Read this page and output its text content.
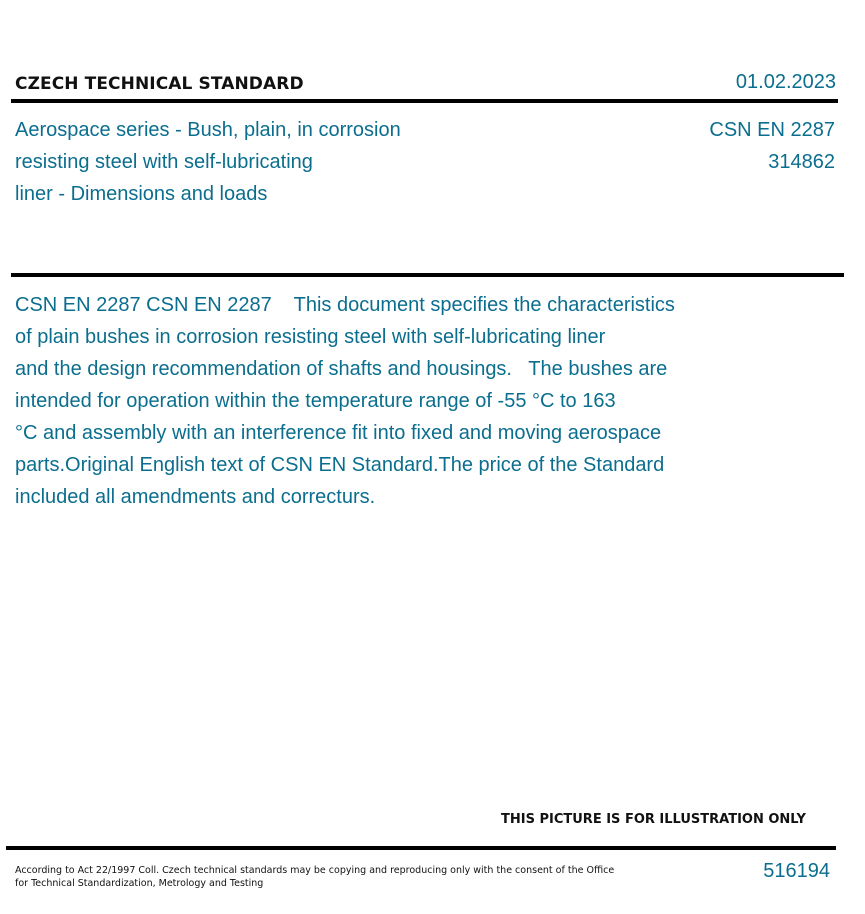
CZECH TECHNICAL STANDARD	01.02.2023
Aerospace series - Bush, plain, in corrosion
resisting steel with self-lubricating
liner - Dimensions and loads
CSN EN 2287
314862
CSN EN 2287 CSN EN 2287    This document specifies the characteristics
of plain bushes in corrosion resisting steel with self-lubricating liner
and the design recommendation of shafts and housings.   The bushes are
intended for operation within the temperature range of -55 °C to 163
°C and assembly with an interference fit into fixed and moving aerospace
parts.Original English text of CSN EN Standard.The price of the Standard
included all amendments and correcturs.
THIS PICTURE IS FOR ILLUSTRATION ONLY
According to Act 22/1997 Coll. Czech technical standards may be copying and reproducing only with the consent of the Office
for Technical Standardization, Metrology and Testing
516194
